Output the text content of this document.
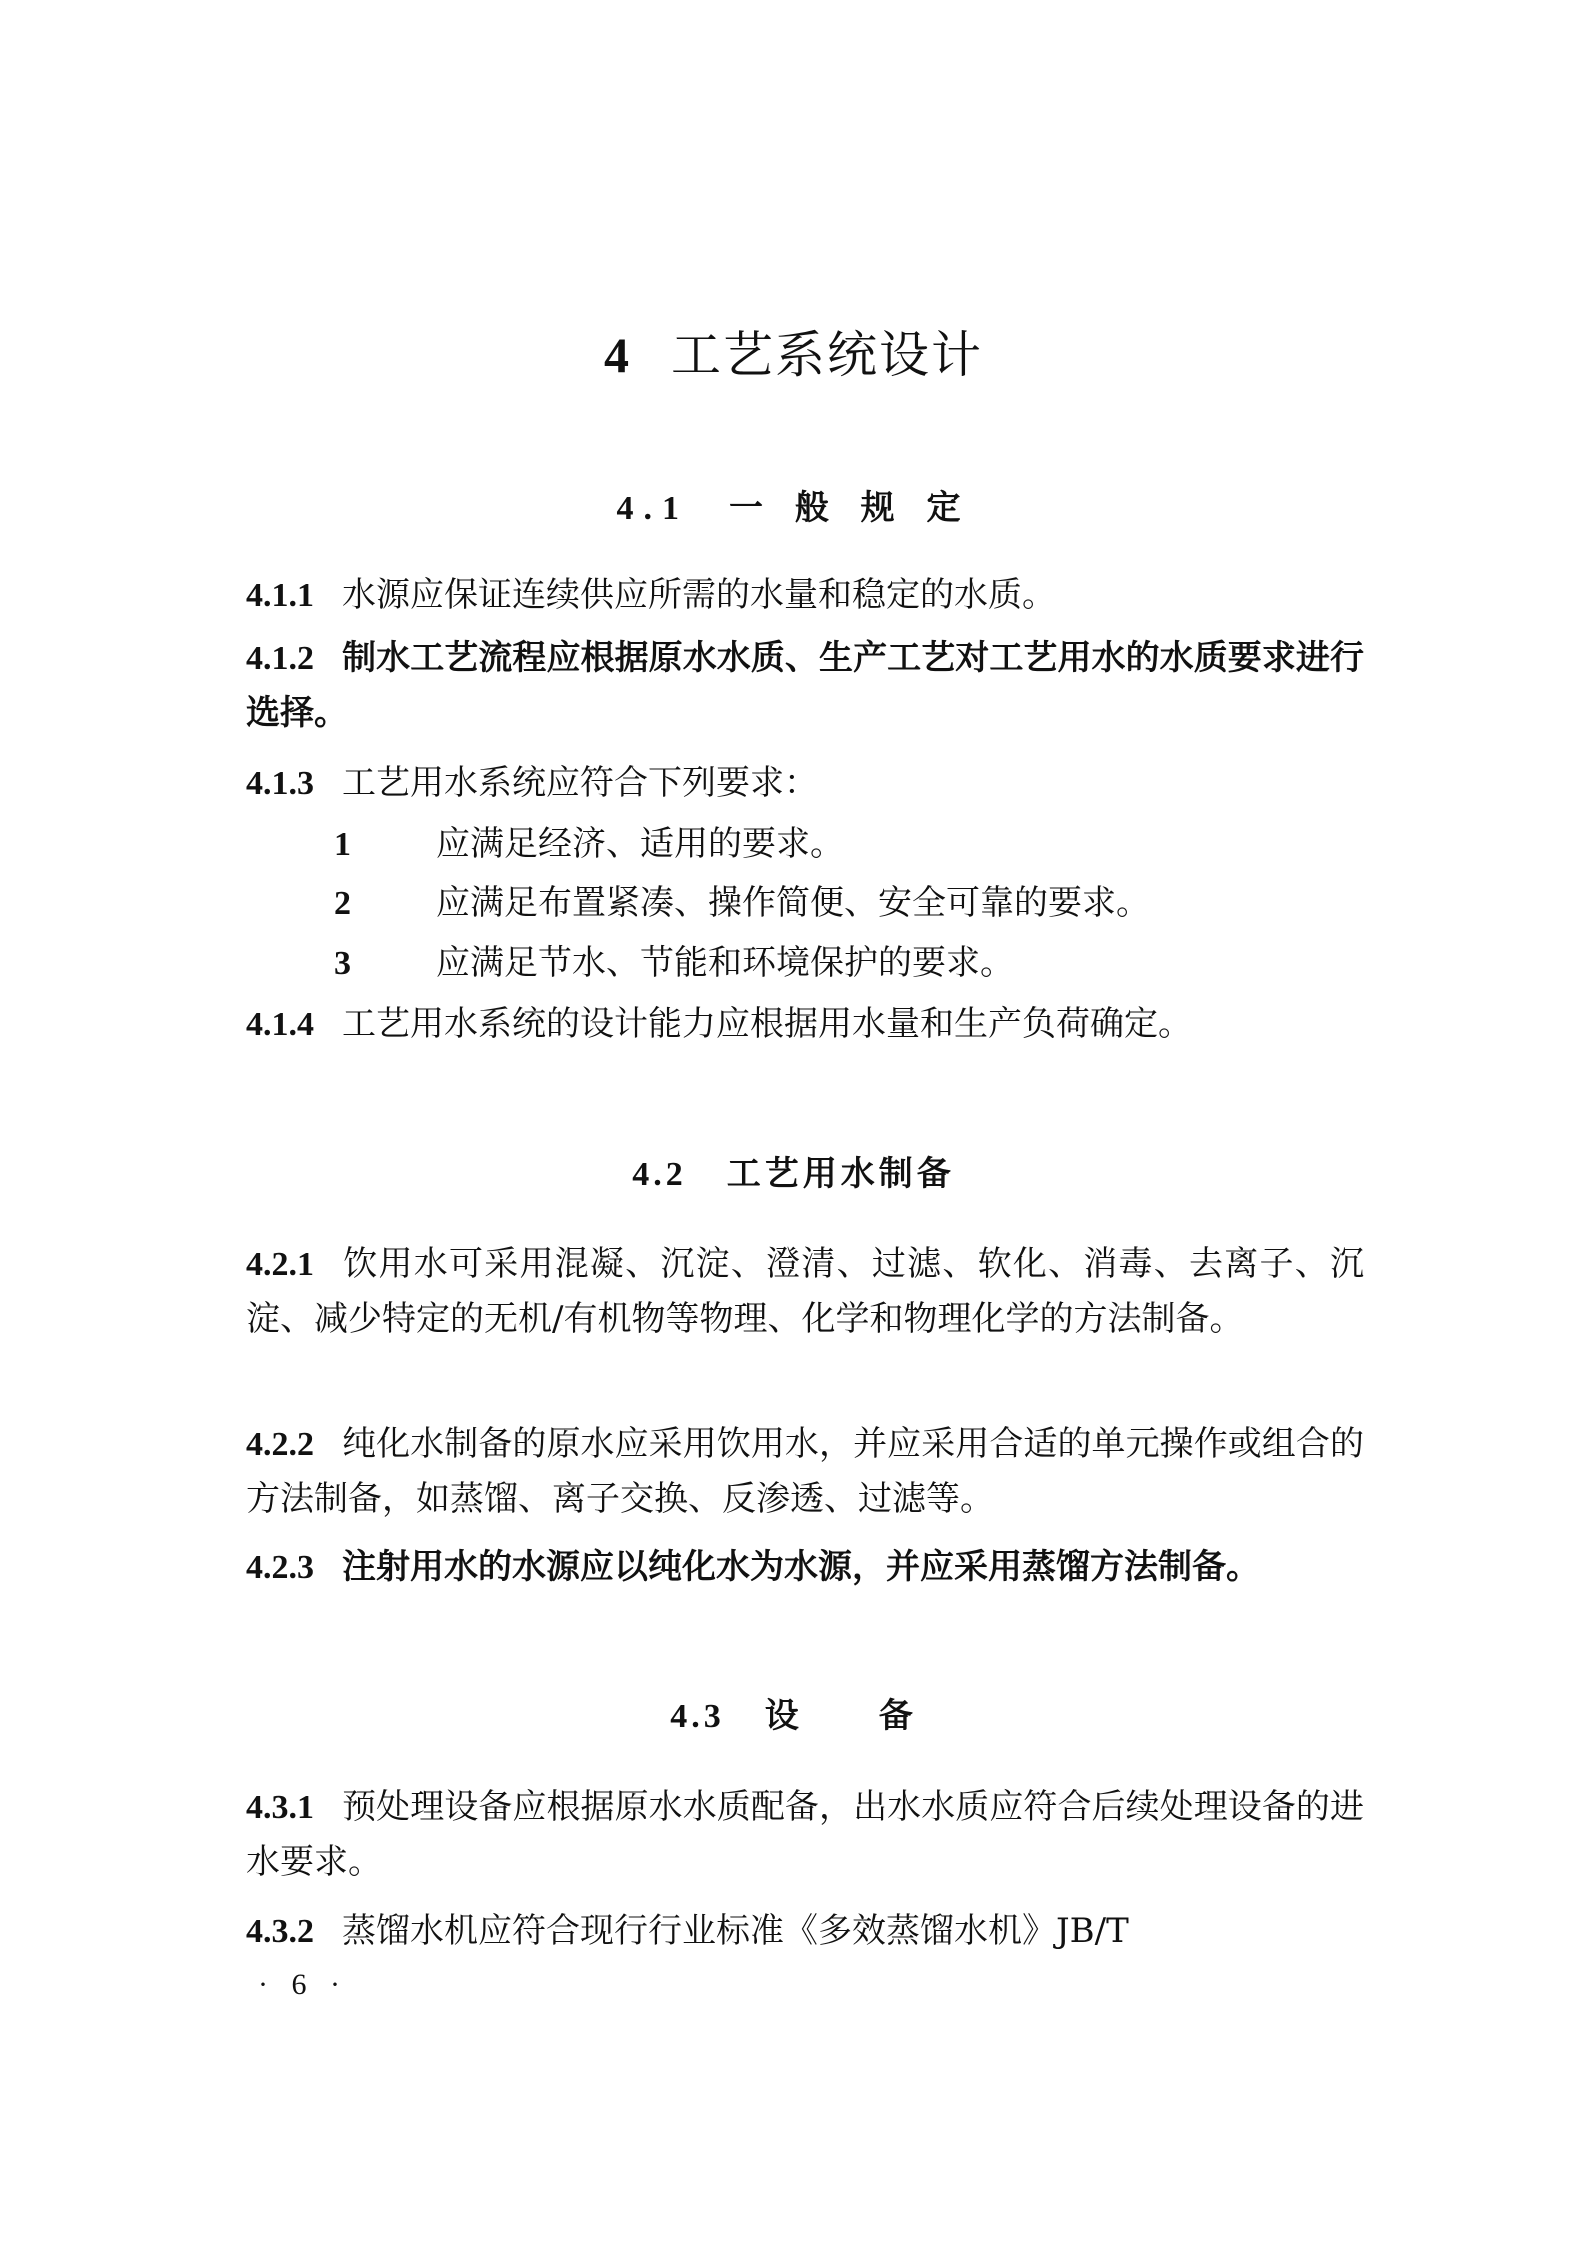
4 工艺系统设计
4.1 一 般 规 定
4.1.1 水源应保证连续供应所需的水量和稳定的水质。
4.1.2 制水工艺流程应根据原水水质、生产工艺对工艺用水的水质要求进行选择。
4.1.3 工艺用水系统应符合下列要求：
1	应满足经济、适用的要求。
2	应满足布置紧凑、操作简便、安全可靠的要求。
3	应满足节水、节能和环境保护的要求。
4.1.4 工艺用水系统的设计能力应根据用水量和生产负荷确定。
4.2 工艺用水制备
4.2.1 饮用水可采用混凝、沉淀、澄清、过滤、软化、消毒、去离子、沉淀、减少特定的无机/有机物等物理、化学和物理化学的方法制备。
4.2.2 纯化水制备的原水应采用饮用水，并应采用合适的单元操作或组合的方法制备，如蒸馏、离子交换、反渗透、过滤等。
4.2.3 注射用水的水源应以纯化水为水源，并应采用蒸馏方法制备。
4.3 设　　备
4.3.1 预处理设备应根据原水水质配备，出水水质应符合后续处理设备的进水要求。
4.3.2 蒸馏水机应符合现行行业标准《多效蒸馏水机》JB/T
· 6 ·
